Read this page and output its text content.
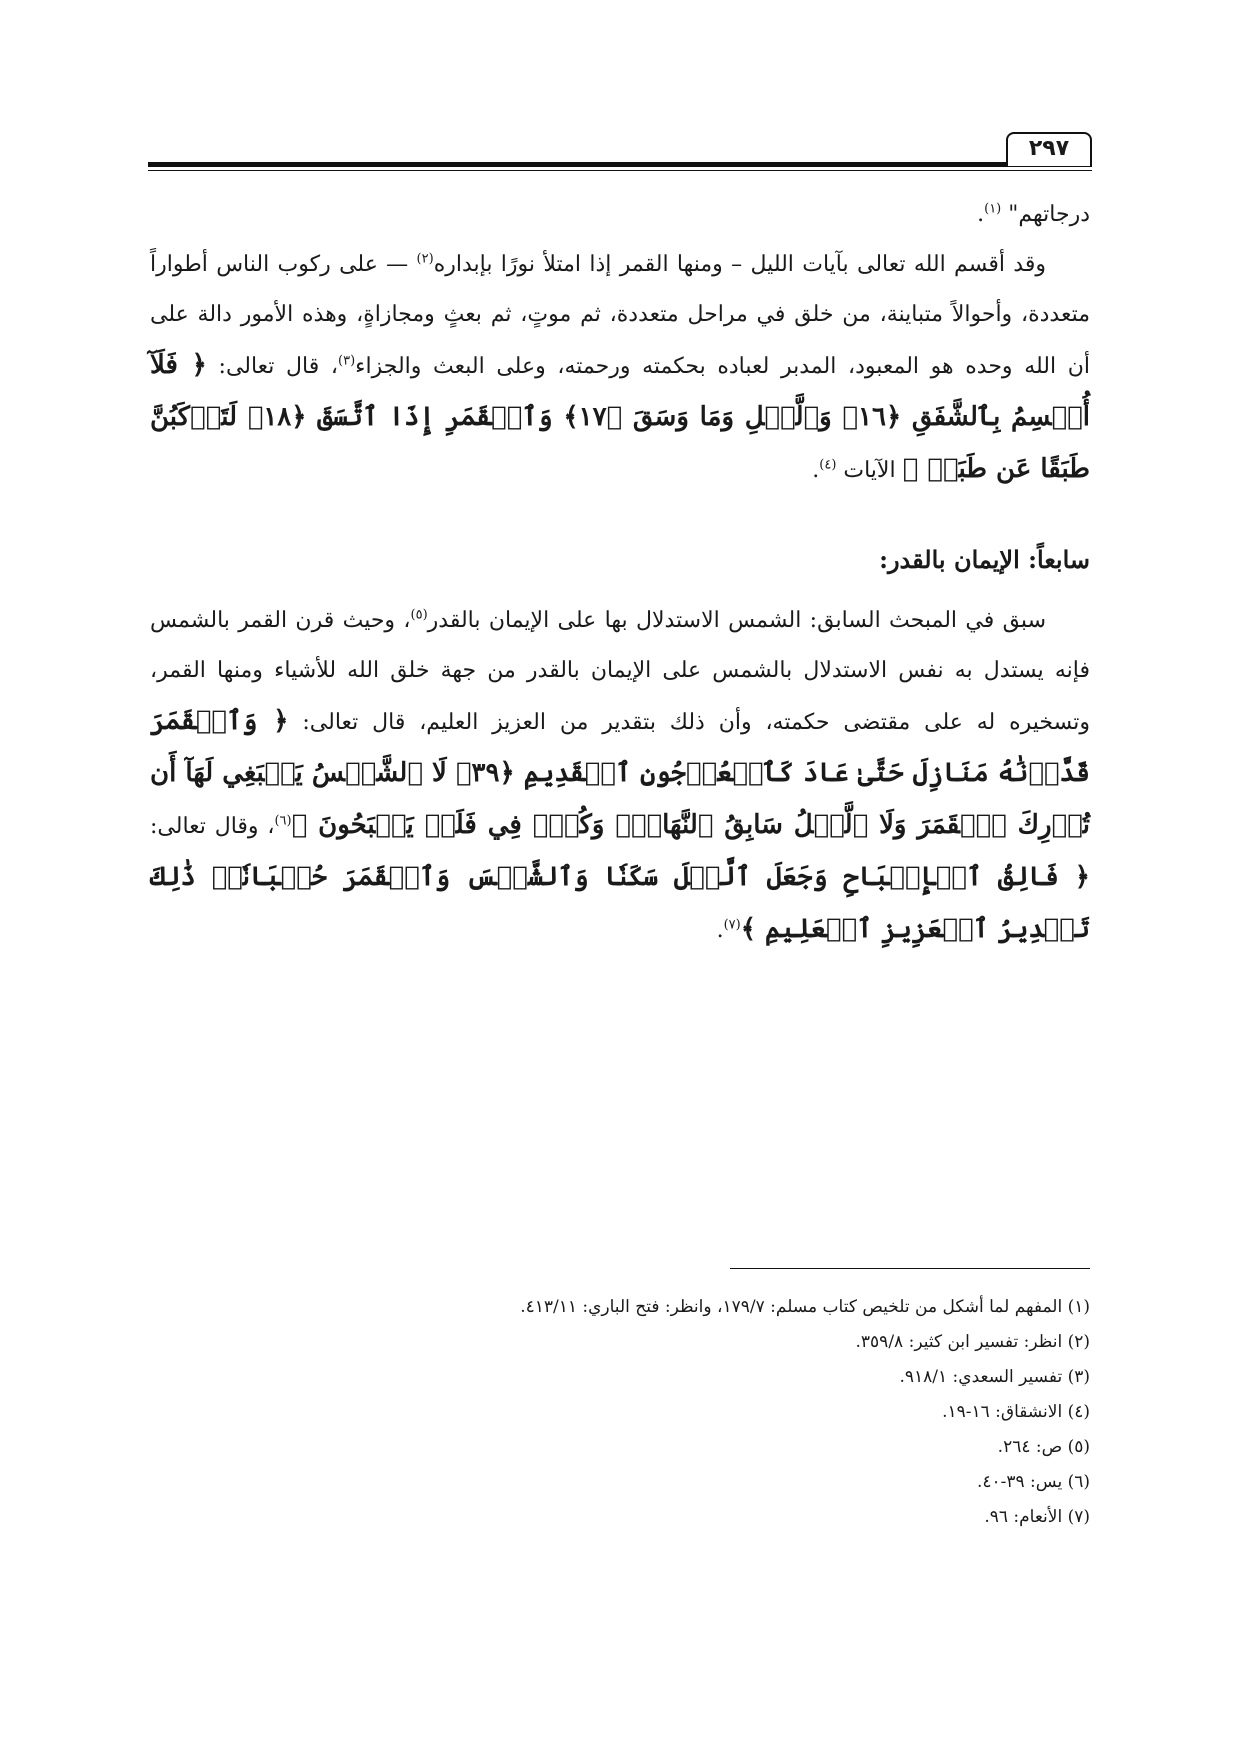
٢٩٧

درجاتهم" $^{(١)}$.

وقد أقسم الله تعالى بآيات الليل – ومنها القمر إذا امتلأ نورًا بإبداره$^{(٢)}$ — على ركوب الناس أطواراً متعددة، وأحوالاً متباينة، من خلق في مراحل متعددة، ثم موتٍ، ثم بعثٍ ومجازاةٍ، وهذه الأمور دالة على أن الله وحده هو المعبود، المدبر لعباده بحكمته ورحمته، وعلى البعث والجزاء$^{(٣)}$، قال تعالى: ﴿ فَلَآ أُقۡسِمُ بِٱلشَّفَقِ ﴿١٦﴾ وَٱلَّيۡلِ وَمَا وَسَقَ ﴿١٧﴾ وَٱلۡقَمَرِ إِذَا ٱتَّسَقَ ﴿١٨﴾ لَتَرۡكَبُنَّ طَبَقًا عَن طَبَقٖ ﴾ الآيات $^{(٤)}$.

سابعاً: الإيمان بالقدر:

سبق في المبحث السابق: الشمس الاستدلال بها على الإيمان بالقدر$^{(٥)}$، وحيث قرن القمر بالشمس فإنه يستدل به نفس الاستدلال بالشمس على الإيمان بالقدر من جهة خلق الله للأشياء ومنها القمر، وتسخيره له على مقتضى حكمته، وأن ذلك بتقدير من العزيز العليم، قال تعالى: ﴿ وَٱلۡقَمَرَ قَدَّرۡنَٰهُ مَنَازِلَ حَتَّىٰ عَادَ كَٱلۡعُرۡجُونِ ٱلۡقَدِيمِ ﴿٣٩﴾ لَا ٱلشَّمۡسُ يَنۢبَغِي لَهَآ أَن تُدۡرِكَ ٱلۡقَمَرَ وَلَا ٱلَّيۡلُ سَابِقُ ٱلنَّهَارِۚ وَكُلّٞ فِي فَلَكٖ يَسۡبَحُونَ ﴾$^{(٦)}$، وقال تعالى: ﴿ فَالِقُ ٱلۡإِصۡبَاحِ وَجَعَلَ ٱلَّيۡلَ سَكَنٗا وَٱلشَّمۡسَ وَٱلۡقَمَرَ حُسۡبَانٗاۚ ذَٰلِكَ تَقۡدِيرُ ٱلۡعَزِيزِ ٱلۡعَلِيمِ ﴾$^{(٧)}$.

(١) المفهم لما أشكل من تلخيص كتاب مسلم: ١٧٩/٧، وانظر: فتح الباري: ٤١٣/١١.
(٢) انظر: تفسير ابن كثير: ٣٥٩/٨.
(٣) تفسير السعدي: ٩١٨/١.
(٤) الانشقاق: ١٦-١٩.
(٥) ص: ٢٦٤.
(٦) يس: ٣٩-٤٠.
(٧) الأنعام: ٩٦.
